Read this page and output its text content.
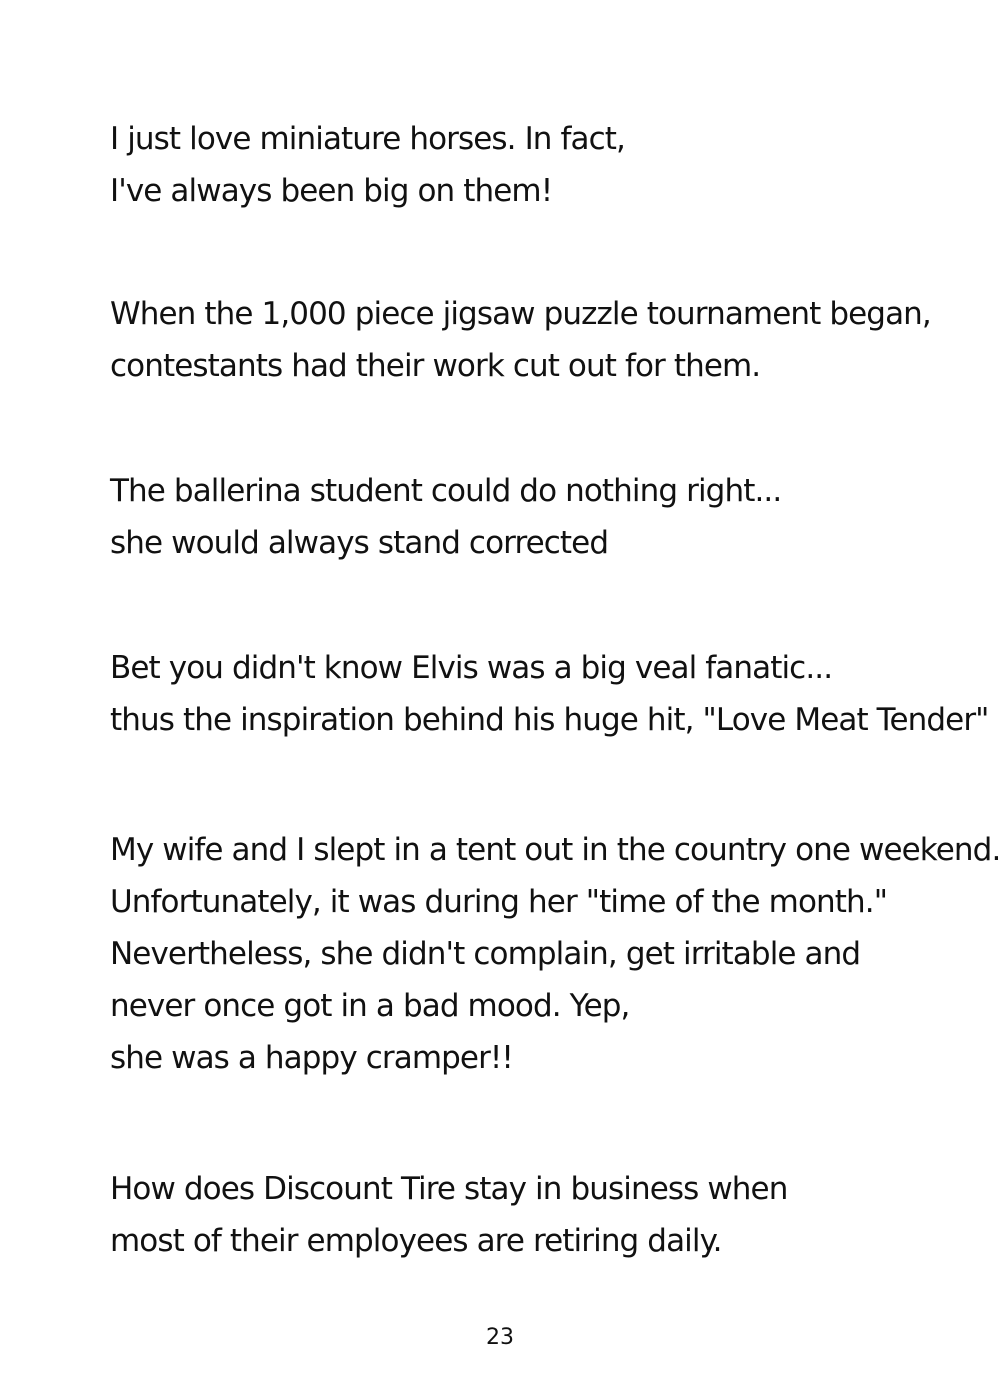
I just love miniature horses. In fact,
I've always been big on them!
When the 1,000 piece jigsaw puzzle tournament began,
contestants had their work cut out for them.
The ballerina student could do nothing right...
she would always stand corrected
Bet you didn't know Elvis was a big veal fanatic...
thus the inspiration behind his huge hit, "Love Meat Tender"
My wife and I slept in a tent out in the country one weekend.
Unfortunately, it was during her "time of the month."
Nevertheless, she didn't complain, get irritable and
never once got in a bad mood. Yep,
she was a happy cramper!!
How does Discount Tire stay in business when
most of their employees are retiring daily.
23
